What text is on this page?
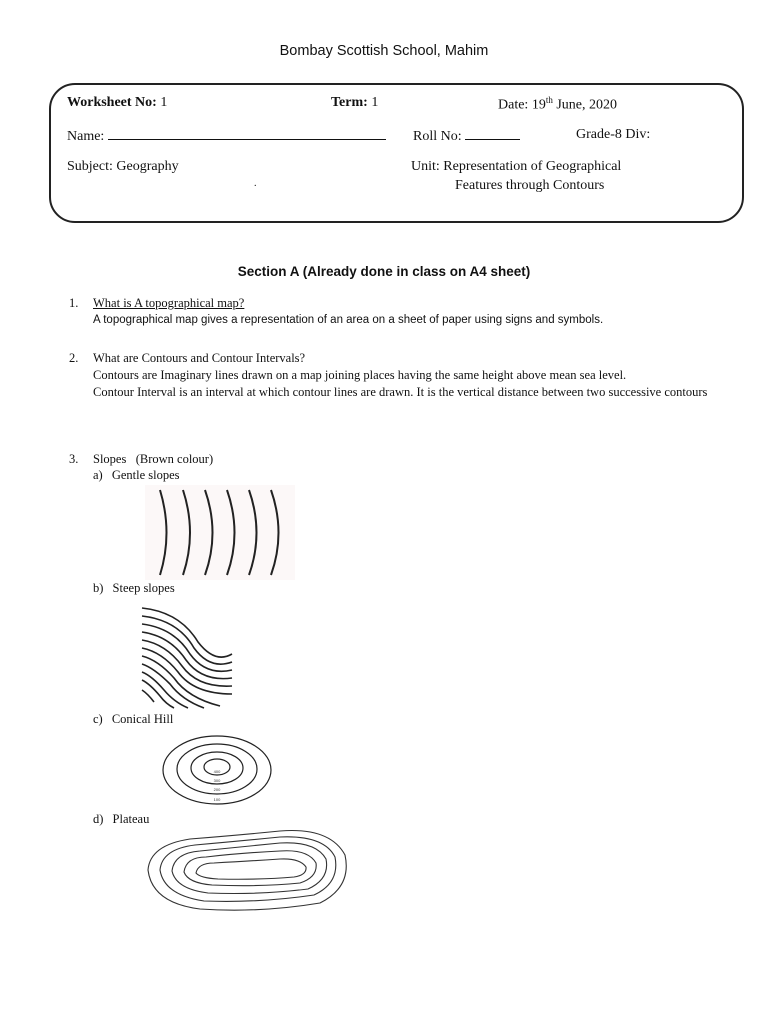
Bombay Scottish School, Mahim
Worksheet No: 1	Term: 1	Date: 19th June, 2020
Name:	Roll No:	Grade-8 Div:
Subject: Geography	Unit: Representation of Geographical
Features through Contours
.
Section A (Already done in class on A4 sheet)
1. What is A topographical map?
A topographical map gives a representation of an area on a sheet of paper using signs and symbols.
2. What are Contours and Contour Intervals?
Contours are Imaginary lines drawn on a map joining places having the same height above mean sea level.
Contour Interval is an interval at which contour lines are drawn. It is the vertical distance between two successive contours
3. Slopes   (Brown colour)
a) Gentle slopes
b) Steep slopes
c) Conical Hill
100
200
300
400
d) Plateau
